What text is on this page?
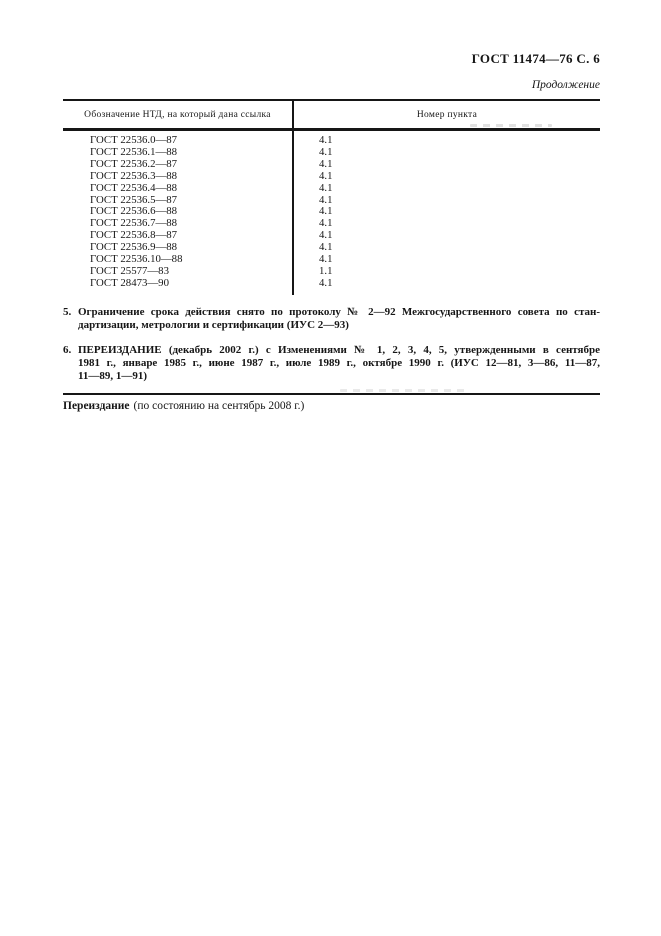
ГОСТ 11474—76 С. 6
Продолжение
Обозначение НТД, на который дана ссылка	Номер пункта
ГОСТ 22536.0—87	4.1
ГОСТ 22536.1—88	4.1
ГОСТ 22536.2—87	4.1
ГОСТ 22536.3—88	4.1
ГОСТ 22536.4—88	4.1
ГОСТ 22536.5—87	4.1
ГОСТ 22536.6—88	4.1
ГОСТ 22536.7—88	4.1
ГОСТ 22536.8—87	4.1
ГОСТ 22536.9—88	4.1
ГОСТ 22536.10—88	4.1
ГОСТ 25577—83	1.1
ГОСТ 28473—90	4.1
5. Ограничение срока действия снято по протоколу № 2—92 Межгосударственного совета по стан-
дартизации, метрологии и сертификации (ИУС 2—93)
6. ПЕРЕИЗДАНИЕ (декабрь 2002 г.) с Изменениями № 1, 2, 3, 4, 5, утвержденными в сентябре
1981 г., январе 1985 г., июне 1987 г., июле 1989 г., октябре 1990 г. (ИУС 12—81, 3—86, 11—87,
11—89, 1—91)
Переиздание (по состоянию на сентябрь 2008 г.)
